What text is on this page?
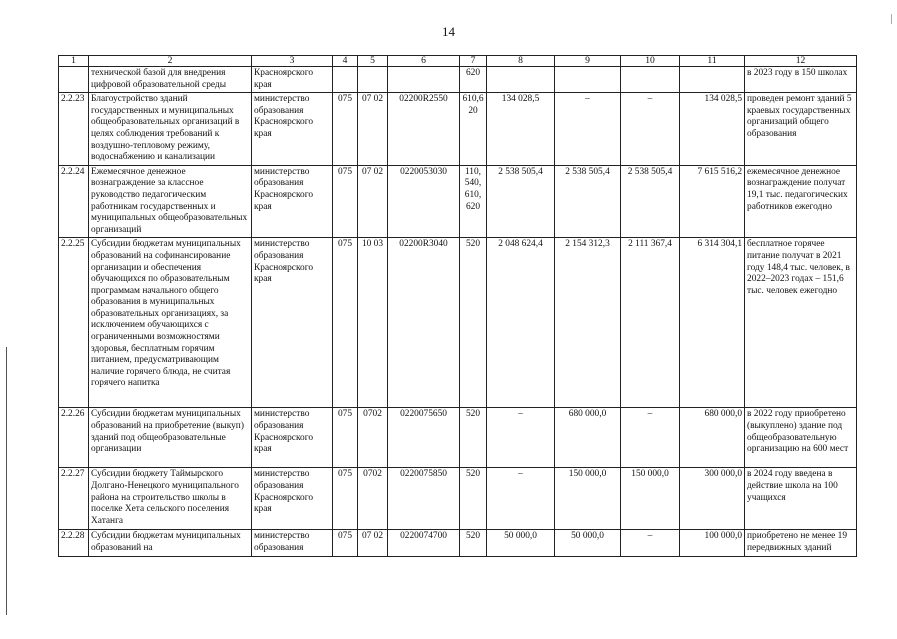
14
1	2	3	4	5	6	7	8	9	10	11	12
	технической базой для внедрения цифровой образовательной среды	Красноярского края				620					в 2023 году в 150 школах
2.2.23	Благоустройство зданий государственных и муниципальных общеобразовательных организаций в целях соблюдения требований к воздушно-тепловому режиму, водоснабжению и канализации	министерство образования Красноярского края	075	07 02	02200R2550	610,6 20	134 028,5	–	–	134 028,5	проведен ремонт зданий 5 краевых государственных организаций общего образования
2.2.24	Ежемесячное денежное вознаграждение за классное руководство педагогическим работникам государственных и муниципальных общеобразовательных организаций	министерство образования Красноярского края	075	07 02	0220053030	110, 540, 610, 620	2 538 505,4	2 538 505,4	2 538 505,4	7 615 516,2	ежемесячное денежное вознаграждение получат 19,1 тыс. педагогических работников ежегодно
2.2.25	Субсидии бюджетам муниципальных образований на софинансирование организации и обеспечения обучающихся по образовательным программам начального общего образования в муниципальных образовательных организациях, за исключением обучающихся с ограниченными возможностями здоровья, бесплатным горячим питанием, предусматривающим наличие горячего блюда, не считая горячего напитка	министерство образования Красноярского края	075	10 03	02200R3040	520	2 048 624,4	2 154 312,3	2 111 367,4	6 314 304,1	бесплатное горячее питание получат в 2021 году 148,4 тыс. человек, в 2022–2023 годах – 151,6 тыс. человек ежегодно
2.2.26	Субсидии бюджетам муниципальных образований на приобретение (выкуп) зданий под общеобразовательные организации	министерство образования Красноярского края	075	0702	0220075650	520	–	680 000,0	–	680 000,0	в 2022 году приобретено (выкуплено) здание под общеобразовательную организацию на 600 мест
2.2.27	Субсидии бюджету Таймырского Долгано-Ненецкого муниципального района на строительство школы в поселке Хета сельского поселения Хатанга	министерство образования Красноярского края	075	0702	0220075850	520	–	150 000,0	150 000,0	300 000,0	в 2024 году введена в действие школа на 100 учащихся
2.2.28	Субсидии бюджетам муниципальных образований на	министерство образования	075	07 02	0220074700	520	50 000,0	50 000,0	–	100 000,0	приобретено не менее 19 передвижных зданий
